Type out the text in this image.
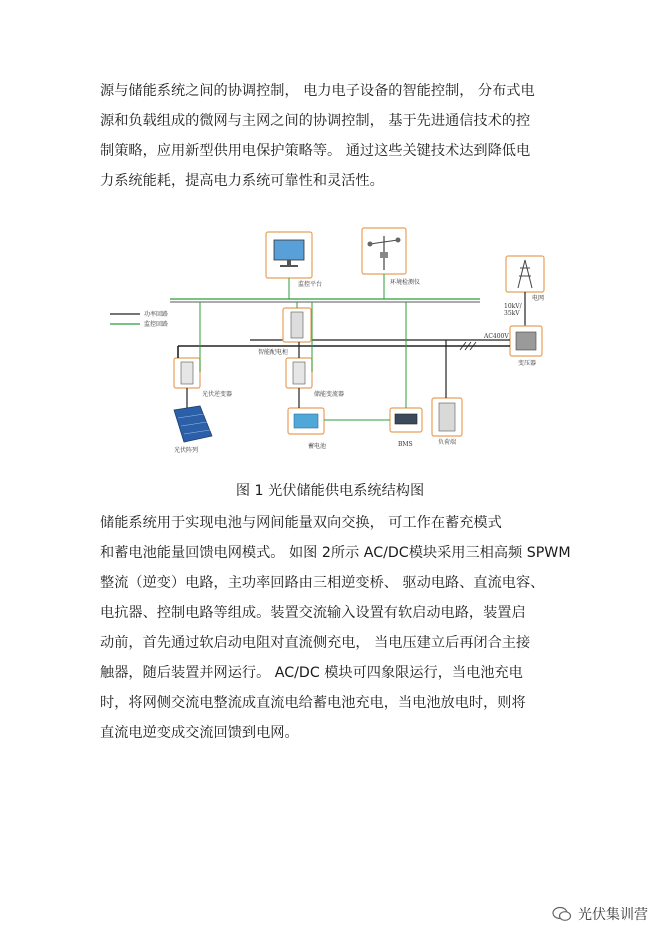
源与储能系统之间的协调控制， 电力电子设备的智能控制， 分布式电
源和负载组成的微网与主网之间的协调控制， 基于先进通信技术的控
制策略，应用新型供用电保护策略等。 通过这些关键技术达到降低电
力系统能耗，提高电力系统可靠性和灵活性。
功率回路
监控回路
监控平台	环境检测仪
电网
10kV/
35kV
变压器
AC400V
智能配电柜
光伏逆变器
光伏阵列
储能变流器
蓄电池	BMS	负荷端
图 1 光伏储能供电系统结构图
储能系统用于实现电池与网间能量双向交换， 可工作在蓄充模式
和蓄电池能量回馈电网模式。 如图 2所示 AC/DC模块采用三相高频 SPWM
整流（逆变）电路，主功率回路由三相逆变桥、 驱动电路、直流电容、
电抗器、控制电路等组成。装置交流输入设置有软启动电路，装置启
动前，首先通过软启动电阻对直流侧充电， 当电压建立后再闭合主接
触器，随后装置并网运行。 AC/DC 模块可四象限运行，当电池充电
时，将网侧交流电整流成直流电给蓄电池充电，当电池放电时，则将
直流电逆变成交流回馈到电网。
光伏集训营
